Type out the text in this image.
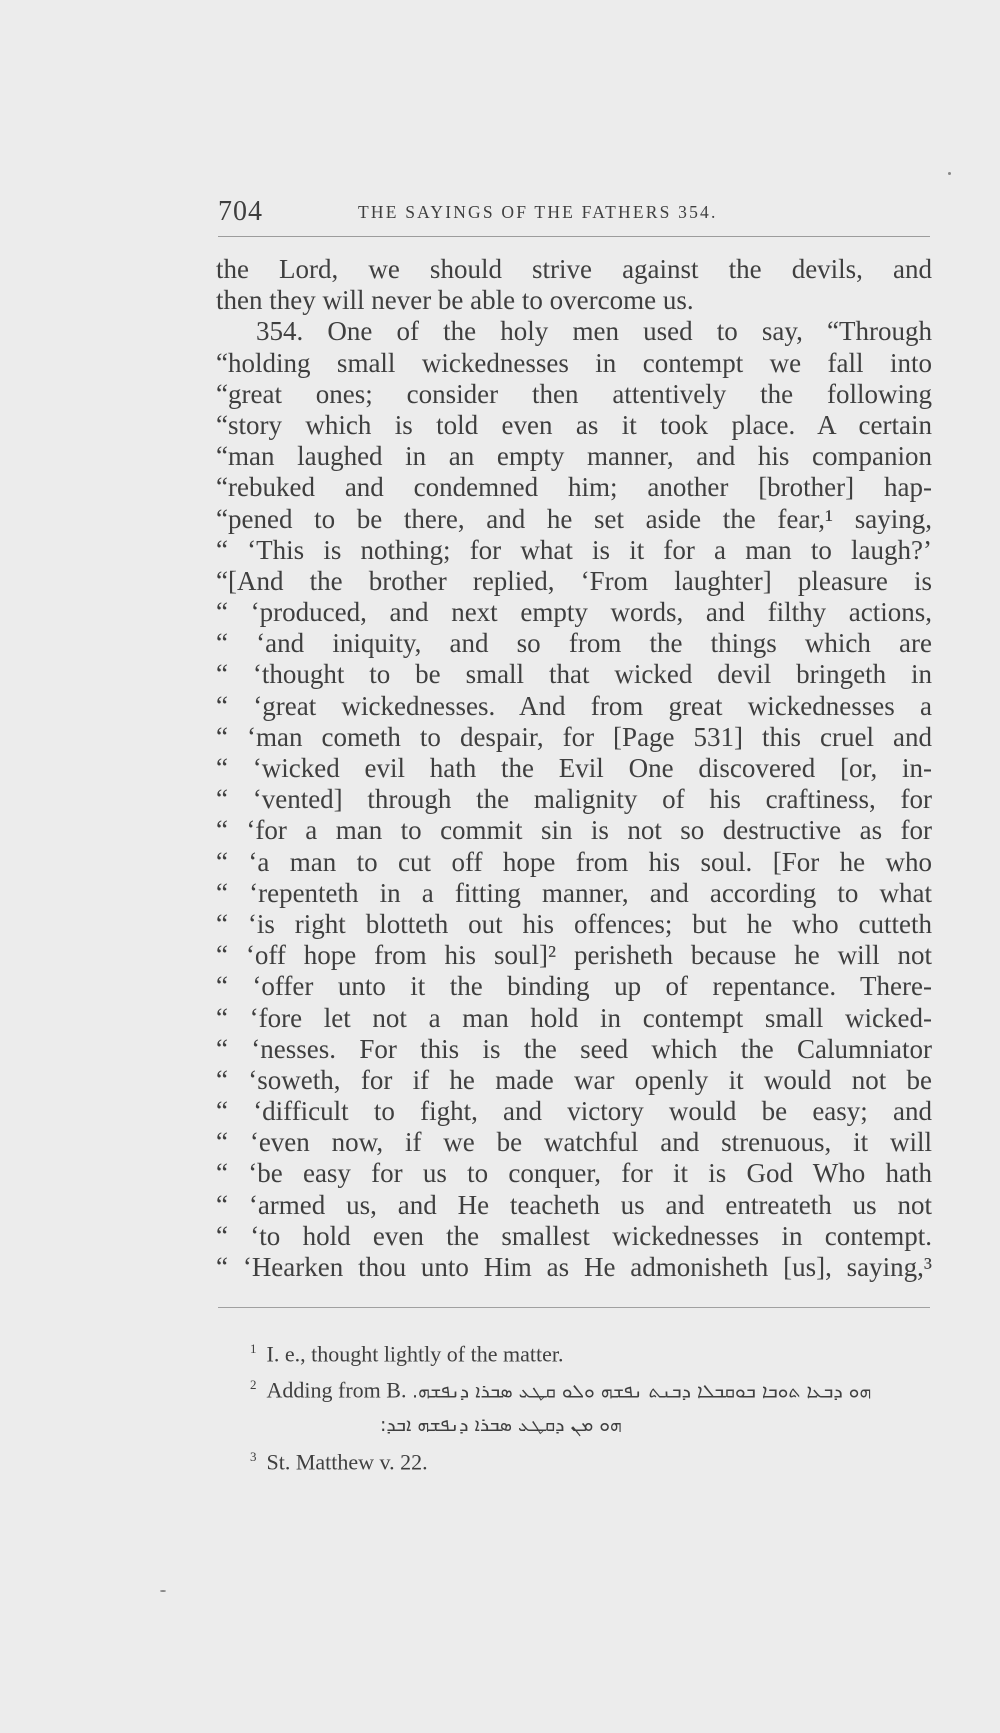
704	THE SAYINGS OF THE FATHERS 354.
the Lord, we should strive against the devils, and
then they will never be able to overcome us.
354. One of the holy men used to say, “Through
“holding small wickednesses in contempt we fall into
“great ones; consider then attentively the following
“story which is told even as it took place. A certain
“man laughed in an empty manner, and his companion
“rebuked and condemned him; another [brother] hap-
“pened to be there, and he set aside the fear,¹ saying,
“ ‘This is nothing; for what is it for a man to laugh?’
“[And the brother replied, ‘From laughter] pleasure is
“ ‘produced, and next empty words, and filthy actions,
“ ‘and iniquity, and so from the things which are
“ ‘thought to be small that wicked devil bringeth in
“ ‘great wickednesses. And from great wickednesses a
“ ‘man cometh to despair, for [Page 531] this cruel and
“ ‘wicked evil hath the Evil One discovered [or, in-
“ ‘vented] through the malignity of his craftiness, for
“ ‘for a man to commit sin is not so destructive as for
“ ‘a man to cut off hope from his soul. [For he who
“ ‘repenteth in a fitting manner, and according to what
“ ‘is right blotteth out his offences; but he who cutteth
“ ‘off hope from his soul]² perisheth because he will not
“ ‘offer unto it the binding up of repentance. There-
“ ‘fore let not a man hold in contempt small wicked-
“ ‘nesses. For this is the seed which the Calumniator
“ ‘soweth, for if he made war openly it would not be
“ ‘difficult to fight, and victory would be easy; and
“ ‘even now, if we be watchful and strenuous, it will
“ ‘be easy for us to conquer, for it is God Who hath
“ ‘armed us, and He teacheth us and entreateth us not
“ ‘to hold even the smallest wickednesses in contempt.
“ ‘Hearken thou unto Him as He admonisheth [us], saying,³
$^1$ I. e., thought lightly of the matter.
$^2$ Adding from B. ܗܘ ܕܒܥܐ ܬܘܒܐ ܒܘܩܒܠܐ ܕܒܢܬ ܢܦܫܗ ܘܠܘ ܩܛܥ ܣܒܪܐ ܕܢܦܫܗ.
ܗܘ ܡܢ ܕܩܛܥ ܣܒܪܐ ܕܢܦܫܗ ܐܒܕ:
$^3$ St. Matthew v. 22.
